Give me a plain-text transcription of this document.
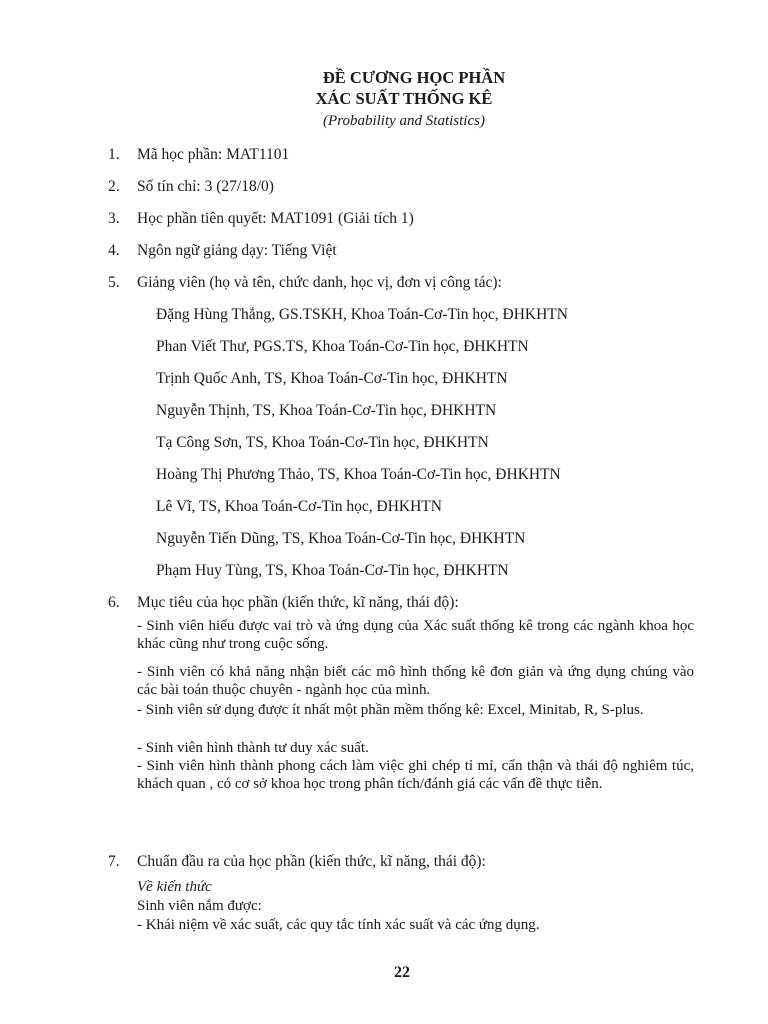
ĐỀ CƯƠNG HỌC PHẦN
XÁC SUẤT THỐNG KÊ
(Probability and Statistics)
1. Mã học phần: MAT1101
2. Số tín chỉ: 3 (27/18/0)
3. Học phần tiên quyết: MAT1091 (Giải tích 1)
4. Ngôn ngữ giảng dạy: Tiếng Việt
5. Giảng viên (họ và tên, chức danh, học vị, đơn vị công tác):
Đặng Hùng Thắng, GS.TSKH, Khoa Toán-Cơ-Tin học, ĐHKHTN
Phan Viết Thư, PGS.TS, Khoa Toán-Cơ-Tin học, ĐHKHTN
Trịnh Quốc Anh, TS, Khoa Toán-Cơ-Tin học, ĐHKHTN
Nguyễn Thịnh, TS, Khoa Toán-Cơ-Tin học, ĐHKHTN
Tạ Công Sơn, TS, Khoa Toán-Cơ-Tin học, ĐHKHTN
Hoàng Thị Phương Thảo, TS, Khoa Toán-Cơ-Tin học, ĐHKHTN
Lê Vĩ, TS, Khoa Toán-Cơ-Tin học, ĐHKHTN
Nguyễn Tiến Dũng, TS, Khoa Toán-Cơ-Tin học, ĐHKHTN
Phạm Huy Tùng, TS, Khoa Toán-Cơ-Tin học, ĐHKHTN
6. Mục tiêu của học phần (kiến thức, kĩ năng, thái độ):
- Sinh viên hiểu được vai trò và ứng dụng của Xác suất thống kê trong các ngành khoa học khác cũng như trong cuộc sống.
- Sinh viên có khả năng nhận biết các mô hình thống kê đơn giản và ứng dụng chúng vào các bài toán thuộc chuyên - ngành học của mình.
- Sinh viên sử dụng được ít nhất một phần mềm thống kê: Excel, Minitab, R, S-plus.
- Sinh viên hình thành tư duy xác suất.
- Sinh viên hình thành phong cách làm việc ghi chép tỉ mỉ, cẩn thận và thái độ nghiêm túc, khách quan , có cơ sở khoa học trong phân tích/đánh giá các vấn đề thực tiễn.
7. Chuẩn đầu ra của học phần (kiến thức, kĩ năng, thái độ):
Về kiến thức
Sinh viên nắm được:
- Khái niệm về xác suất, các quy tắc tính xác suất và các ứng dụng.
22
